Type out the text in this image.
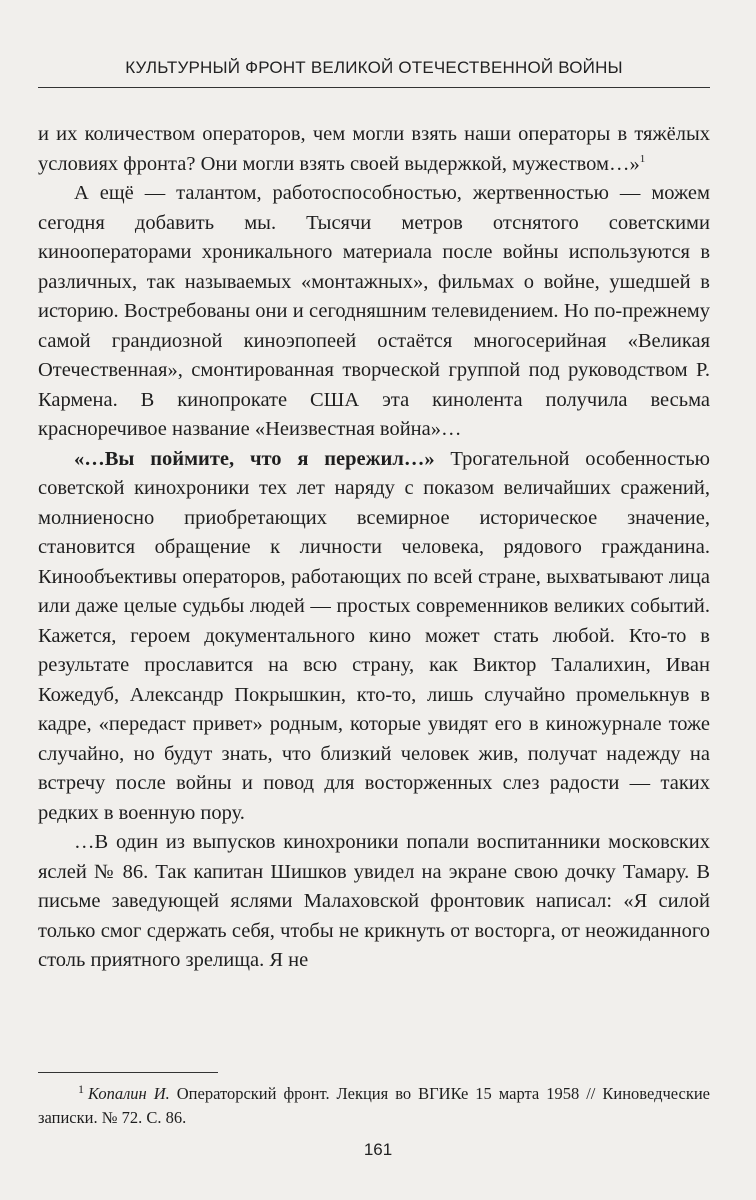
КУЛЬТУРНЫЙ ФРОНТ ВЕЛИКОЙ ОТЕЧЕСТВЕННОЙ ВОЙНЫ

и их количеством операторов, чем могли взять наши операторы в тяжёлых условиях фронта? Они могли взять своей выдержкой, мужеством…»$^1$

А ещё — талантом, работоспособностью, жертвенностью — можем сегодня добавить мы. Тысячи метров отснятого советскими кинооператорами хроникального материала после войны используются в различных, так называемых «монтажных», фильмах о войне, ушедшей в историю. Востребованы они и сегодняшним телевидением. Но по-прежнему самой грандиозной киноэпопеей остаётся многосерийная «Великая Отечественная», смонтированная творческой группой под руководством Р. Кармена. В кинопрокате США эта кинолента получила весьма красноречивое название «Неизвестная война»…

«…Вы поймите, что я пережил…» Трогательной особенностью советской кинохроники тех лет наряду с показом величайших сражений, молниеносно приобретающих всемирное историческое значение, становится обращение к личности человека, рядового гражданина. Кинообъективы операторов, работающих по всей стране, выхватывают лица или даже целые судьбы людей — простых современников великих событий. Кажется, героем документального кино может стать любой. Кто-то в результате прославится на всю страну, как Виктор Талалихин, Иван Кожедуб, Александр Покрышкин, кто-то, лишь случайно промелькнув в кадре, «передаст привет» родным, которые увидят его в киножурнале тоже случайно, но будут знать, что близкий человек жив, получат надежду на встречу после войны и повод для восторженных слез радости — таких редких в военную пору.

…В один из выпусков кинохроники попали воспитанники московских яслей № 86. Так капитан Шишков увидел на экране свою дочку Тамару. В письме заведующей яслями Малаховской фронтовик написал: «Я силой только смог сдержать себя, чтобы не крикнуть от восторга, от неожиданного столь приятного зрелища. Я не

$^1$ Копалин И. Операторский фронт. Лекция во ВГИКе 15 марта 1958 // Киноведческие записки. № 72. С. 86.

161
